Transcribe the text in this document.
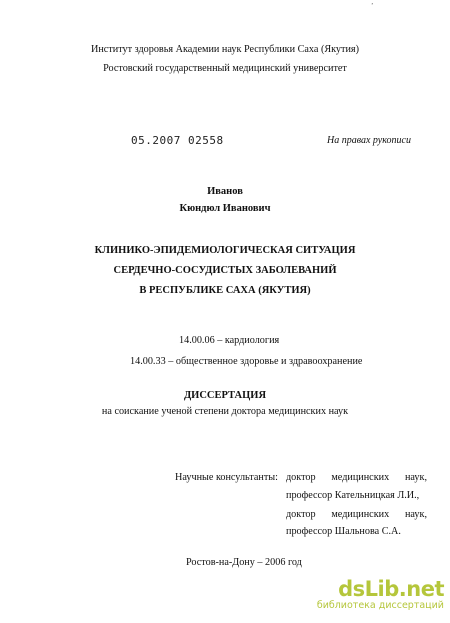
ʼ
Институт здоровья Академии наук Республики Саха (Якутия)
Ростовский государственный медицинский университет
05.2007 02558	На правах рукописи
Иванов
Кюндюл Иванович
КЛИНИКО-ЭПИДЕМИОЛОГИЧЕСКАЯ СИТУАЦИЯ
СЕРДЕЧНО-СОСУДИСТЫХ ЗАБОЛЕВАНИЙ
В РЕСПУБЛИКЕ САХА (ЯКУТИЯ)
14.00.06 – кардиология
14.00.33 – общественное здоровье и здравоохранение
ДИССЕРТАЦИЯ
на соискание ученой степени доктора медицинских наук
Научные консультанты: доктор медицинских наук,
профессор Кательницкая Л.И.,
доктор медицинских наук,
профессор Шальнова С.А.
Ростов-на-Дону – 2006 год
dsLib.net
библиотека диссертаций
